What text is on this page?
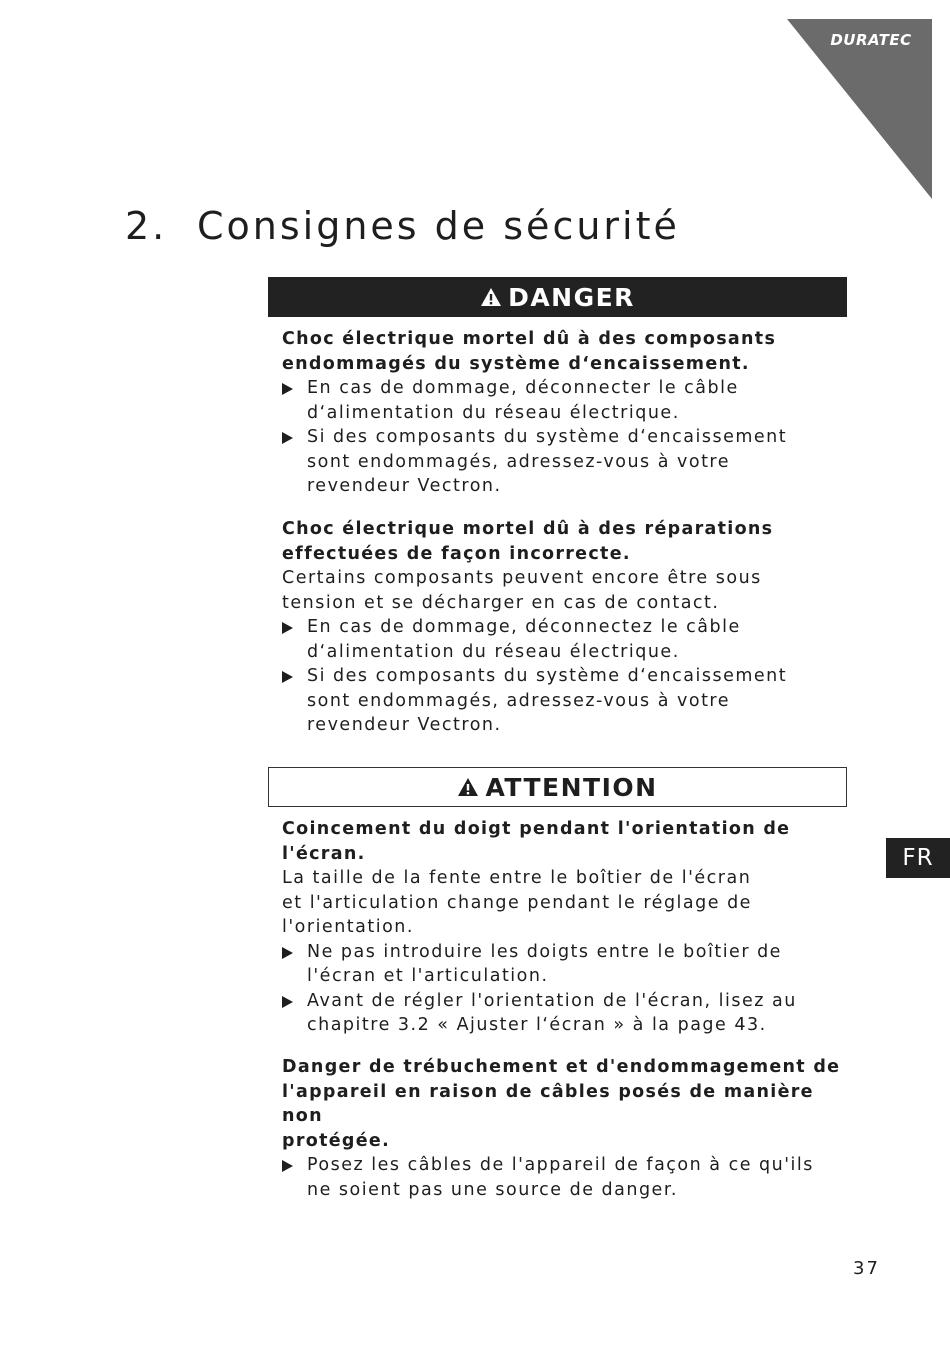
DURATEC
2. Consignes de sécurité
DANGER

Choc électrique mortel dû à des composants
endommagés du système d‘encaissement.

En cas de dommage, déconnecter le câble
d‘alimentation du réseau électrique.
Si des composants du système d‘encaissement
sont endommagés, adressez-vous à votre
revendeur Vectron.

Choc électrique mortel dû à des réparations
effectuées de façon incorrecte.

Certains composants peuvent encore être sous
tension et se décharger en cas de contact.

En cas de dommage, déconnectez le câble
d‘alimentation du réseau électrique.
Si des composants du système d‘encaissement
sont endommagés, adressez-vous à votre
revendeur Vectron.
ATTENTION

Coincement du doigt pendant l'orientation de
l'écran.

La taille de la fente entre le boîtier de l'écran
et l'articulation change pendant le réglage de
l'orientation.

Ne pas introduire les doigts entre le boîtier de
l'écran et l'articulation.
Avant de régler l'orientation de l'écran, lisez au
chapitre 3.2 « Ajuster l‘écran » à la page 43.

Danger de trébuchement et d'endommagement de
l'appareil en raison de câbles posés de manière non
protégée.

Posez les câbles de l'appareil de façon à ce qu'ils
ne soient pas une source de danger.
FR
37
